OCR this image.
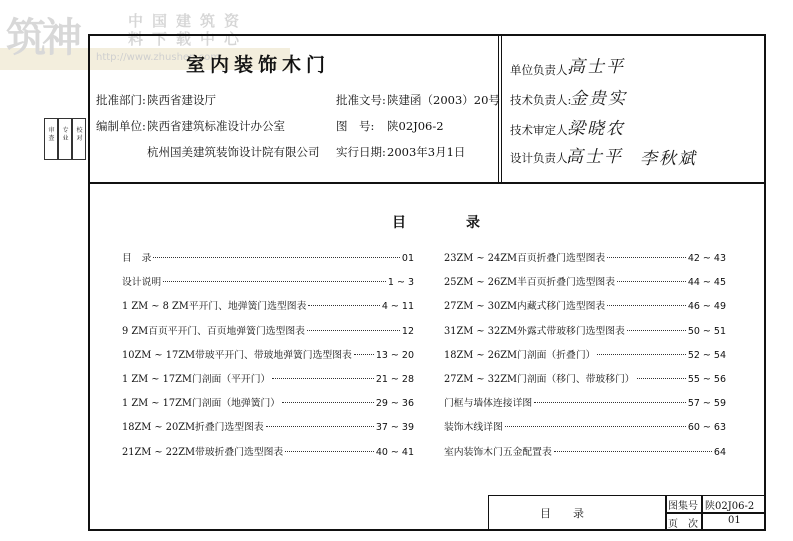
筑神	中国建筑资
料下载中心
http://www.zhushen.com
审
查
专
业
校
对
室内装饰木门
批准部门: 陕西省建设厅	批准文号: 陕建函（2003）20号
编制单位: 陕西省建筑标准设计办公室	图　号: 陕02J06-2
杭州国美建筑装饰设计院有限公司 实行日期: 2003年3月1日
单位负责人:
高士平
技术负责人:
金贵实
技术审定人:
梁晓农
设计负责人:
高士平 李秋斌
目录
目　录	01
设计说明	1 ~ 3
1 ZM ~ 8 ZM平开门、地弹簧门选型图表	4 ~ 11
9 ZM百页平开门、百页地弹簧门选型图表	12
10ZM ~ 17ZM带玻平开门、带玻地弹簧门选型图表	13 ~ 20
1 ZM ~ 17ZM门剖面（平开门）	21 ~ 28
1 ZM ~ 17ZM门剖面（地弹簧门）	29 ~ 36
18ZM ~ 20ZM折叠门选型图表	37 ~ 39
21ZM ~ 22ZM带玻折叠门选型图表	40 ~ 41
23ZM ~ 24ZM百页折叠门选型图表	42 ~ 43
25ZM ~ 26ZM半百页折叠门选型图表	44 ~ 45
27ZM ~ 30ZM内藏式移门选型图表	46 ~ 49
31ZM ~ 32ZM外露式带玻移门选型图表	50 ~ 51
18ZM ~ 26ZM门剖面（折叠门）	52 ~ 54
27ZM ~ 32ZM门剖面（移门、带玻移门）	55 ~ 56
门框与墙体连接详图	57 ~ 59
装饰木线详图	60 ~ 63
室内装饰木门五金配置表	64
目　　录
图集号 陕02J06-2
页　次	01
